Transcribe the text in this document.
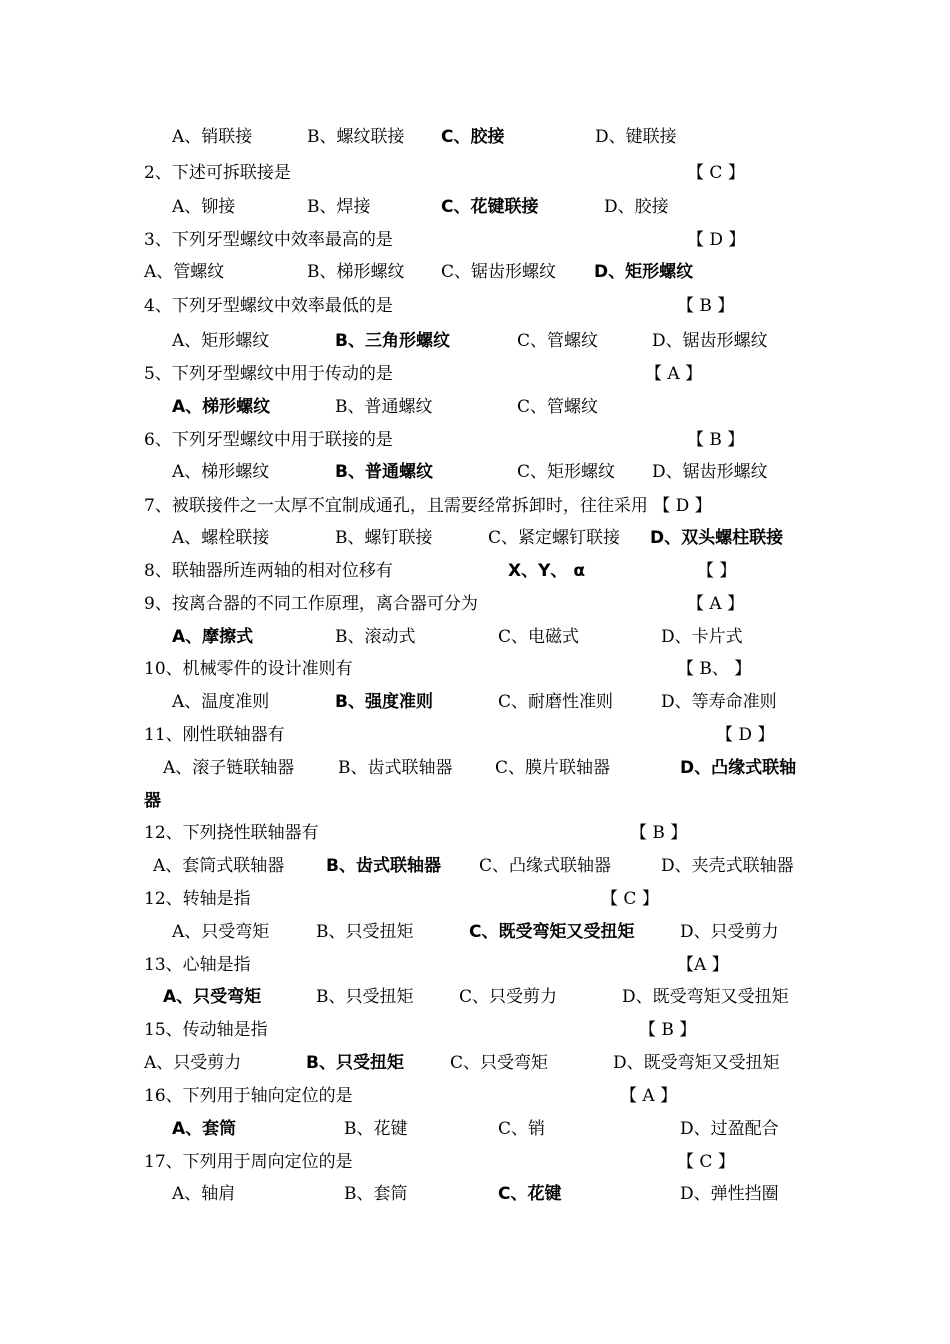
A、销联接	B、螺纹联接 C、胶接	D、键联接
2、下述可拆联接是	【 C 】
A、铆接	B、焊接	C、花键联接	D、胶接
3、下列牙型螺纹中效率最高的是	【 D 】
A、管螺纹	B、梯形螺纹 C、锯齿形螺纹 D、矩形螺纹
4、下列牙型螺纹中效率最低的是	【 B 】
A、矩形螺纹	B、三角形螺纹	C、管螺纹	D、锯齿形螺纹
5、下列牙型螺纹中用于传动的是	【 A 】
A、梯形螺纹	B、普通螺纹	C、管螺纹
6、下列牙型螺纹中用于联接的是	【 B 】
A、梯形螺纹	B、普通螺纹	C、矩形螺纹 D、锯齿形螺纹
7、被联接件之一太厚不宜制成通孔，且需要经常拆卸时，往往采用 【 D 】
A、螺栓联接	B、螺钉联接	C、紧定螺钉联接 D、双头螺柱联接
8、联轴器所连两轴的相对位移有	X、Y、 α	【 】
9、按离合器的不同工作原理，离合器可分为	【 A 】
A、摩擦式	B、滚动式	C、电磁式	D、卡片式
10、机械零件的设计准则有	【 B、 】
A、温度准则	B、强度准则	C、耐磨性准则	D、等寿命准则
11、刚性联轴器有	【 D 】
A、滚子链联轴器	B、齿式联轴器	C、膜片联轴器	D、凸缘式联轴
器
12、下列挠性联轴器有	【 B 】
A、套筒式联轴器 B、齿式联轴器 C、凸缘式联轴器	D、夹壳式联轴器
12、转轴是指	【 C 】
A、只受弯矩	B、只受扭矩	C、既受弯矩又受扭矩	D、只受剪力
13、心轴是指	【A 】
A、只受弯矩	B、只受扭矩	C、只受剪力	D、既受弯矩又受扭矩
15、传动轴是指	【 B 】
A、只受剪力	B、只受扭矩	C、只受弯矩	D、既受弯矩又受扭矩
16、下列用于轴向定位的是	【 A 】
A、套筒	B、花键	C、销	D、过盈配合
17、下列用于周向定位的是	【 C 】
A、轴肩	B、套筒	C、花键	D、弹性挡圈
